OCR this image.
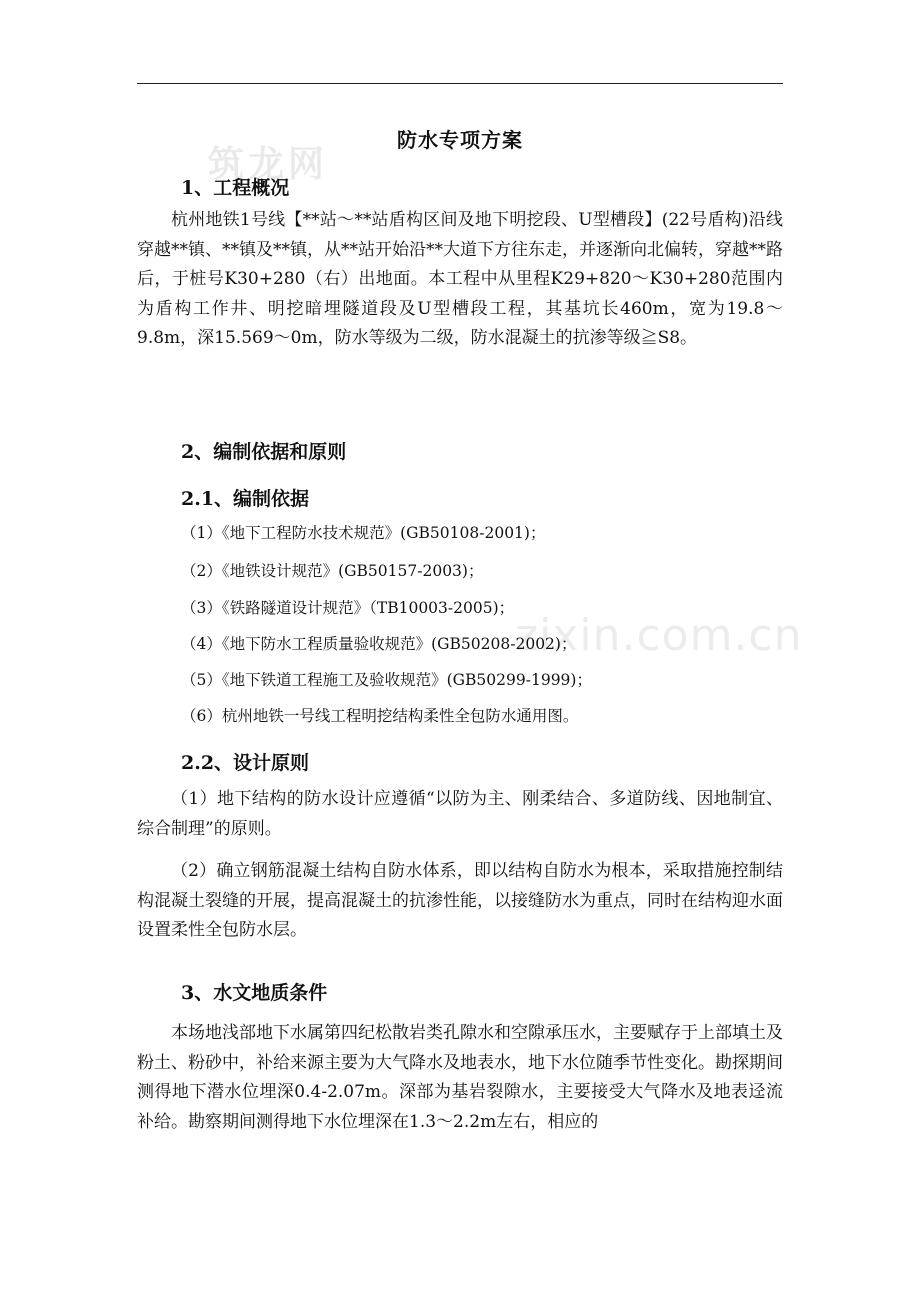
筑龙网
zixin.com.cn
防水专项方案
1、工程概况
杭州地铁1号线【**站～**站盾构区间及地下明挖段、U型槽段】(22号盾构)沿线穿越**镇、**镇及**镇，从**站开始沿**大道下方往东走，并逐渐向北偏转，穿越**路后，于桩号K30+280（右）出地面。本工程中从里程K29+820～K30+280范围内为盾构工作井、明挖暗埋隧道段及U型槽段工程，其基坑长460m，宽为19.8～9.8m，深15.569～0m，防水等级为二级，防水混凝土的抗渗等级≧S8。
2、编制依据和原则
2.1、编制依据
（1）《地下工程防水技术规范》(GB50108-2001)；
（2）《地铁设计规范》(GB50157-2003)；
（3）《铁路隧道设计规范》（TB10003-2005)；
（4）《地下防水工程质量验收规范》(GB50208-2002)；
（5）《地下铁道工程施工及验收规范》(GB50299-1999)；
（6）杭州地铁一号线工程明挖结构柔性全包防水通用图。
2.2、设计原则
（1）地下结构的防水设计应遵循“以防为主、刚柔结合、多道防线、因地制宜、综合制理”的原则。
（2）确立钢筋混凝土结构自防水体系，即以结构自防水为根本，采取措施控制结构混凝土裂缝的开展，提高混凝土的抗渗性能，以接缝防水为重点，同时在结构迎水面设置柔性全包防水层。
3、水文地质条件
本场地浅部地下水属第四纪松散岩类孔隙水和空隙承压水，主要赋存于上部填土及粉土、粉砂中，补给来源主要为大气降水及地表水，地下水位随季节性变化。勘探期间测得地下潜水位埋深0.4-2.07m。深部为基岩裂隙水，主要接受大气降水及地表迳流补给。勘察期间测得地下水位埋深在1.3～2.2m左右，相应的
